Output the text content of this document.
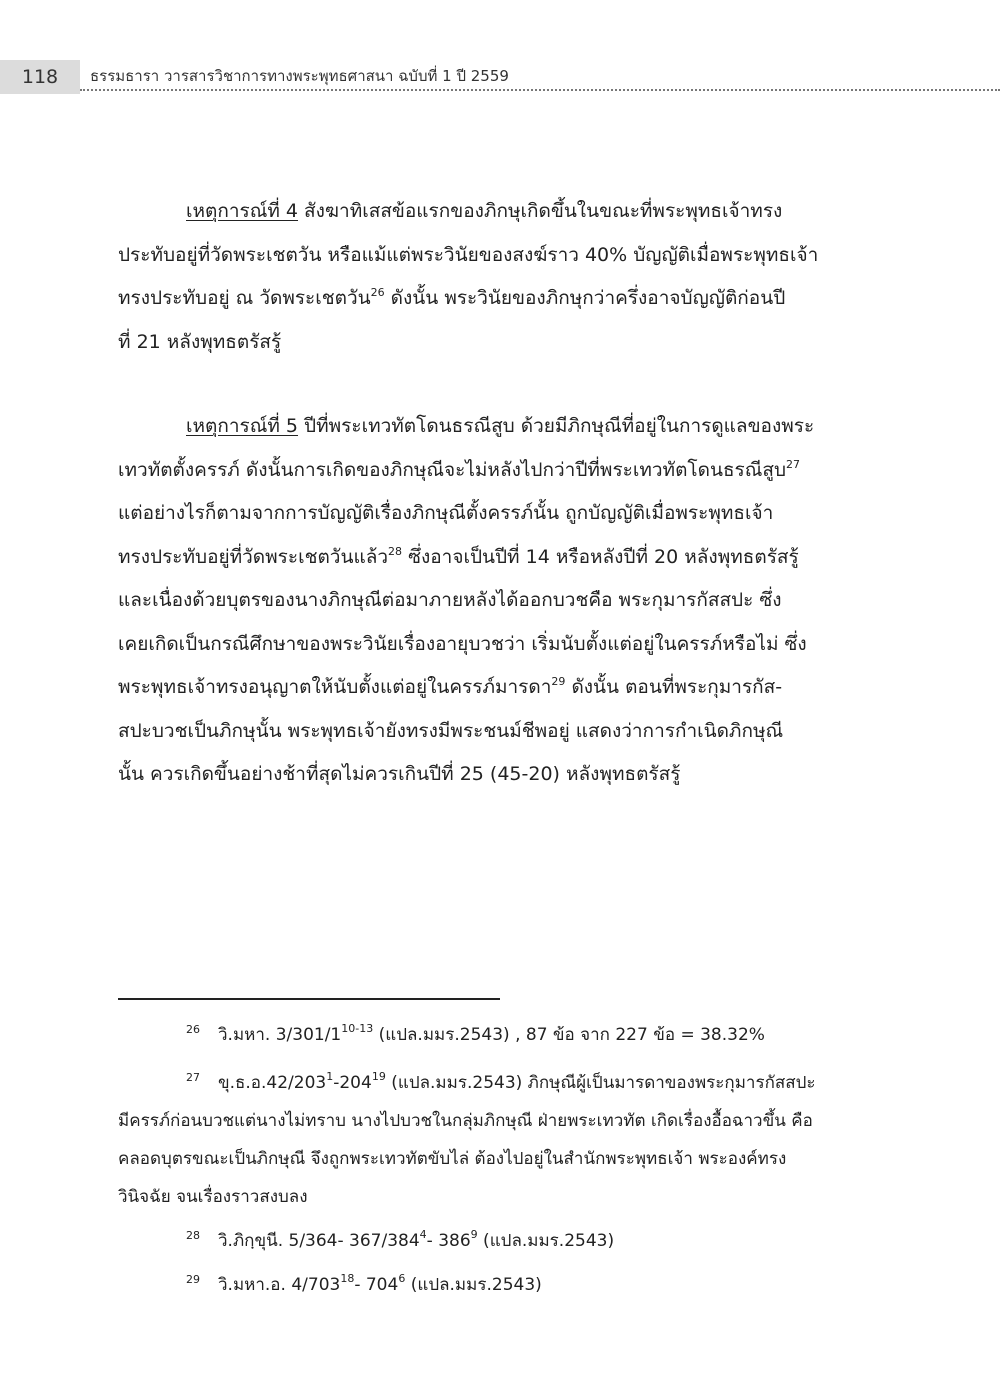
118 ธรรมธารา วารสารวิชาการทางพระพุทธศาสนา ฉบับที่ 1 ปี 2559
เหตุการณ์ที่ 4 สังฆาทิเสสข้อแรกของภิกษุเกิดขึ้นในขณะที่พระพุทธเจ้าทรง
ประทับอยู่ที่วัดพระเชตวัน หรือแม้แต่พระวินัยของสงฆ์ราว 40% บัญญัติเมื่อพระพุทธเจ้า
ทรงประทับอยู่ ณ วัดพระเชตวัน$^{26}$ ดังนั้น พระวินัยของภิกษุกว่าครึ่งอาจบัญญัติก่อนปี
ที่ 21 หลังพุทธตรัสรู้
เหตุการณ์ที่ 5 ปีที่พระเทวทัตโดนธรณีสูบ ด้วยมีภิกษุณีที่อยู่ในการดูแลของพระ
เทวทัตตั้งครรภ์ ดังนั้นการเกิดของภิกษุณีจะไม่หลังไปกว่าปีที่พระเทวทัตโดนธรณีสูบ$^{27}$
แต่อย่างไรก็ตามจากการบัญญัติเรื่องภิกษุณีตั้งครรภ์นั้น ถูกบัญญัติเมื่อพระพุทธเจ้า
ทรงประทับอยู่ที่วัดพระเชตวันแล้ว$^{28}$ ซึ่งอาจเป็นปีที่ 14 หรือหลังปีที่ 20 หลังพุทธตรัสรู้
และเนื่องด้วยบุตรของนางภิกษุณีต่อมาภายหลังได้ออกบวชคือ พระกุมารกัสสปะ ซึ่ง
เคยเกิดเป็นกรณีศึกษาของพระวินัยเรื่องอายุบวชว่า เริ่มนับตั้งแต่อยู่ในครรภ์หรือไม่ ซึ่ง
พระพุทธเจ้าทรงอนุญาตให้นับตั้งแต่อยู่ในครรภ์มารดา$^{29}$ ดังนั้น ตอนที่พระกุมารกัส-
สปะบวชเป็นภิกษุนั้น พระพุทธเจ้ายังทรงมีพระชนม์ชีพอยู่ แสดงว่าการกำเนิดภิกษุณี
นั้น ควรเกิดขึ้นอย่างช้าที่สุดไม่ควรเกินปีที่ 25 (45-20) หลังพุทธตรัสรู้
26 วิ.มหา. 3/301/1$^{10-13}$ (แปล.มมร.2543) , 87 ข้อ จาก 227 ข้อ = 38.32%
27 ขุ.ธ.อ$.42/203^1-204^{19}$ (แปล.มมร.2543) ภิกษุณีผู้เป็นมารดาของพระกุมารกัสสปะ
มีครรภ์ก่อนบวชแต่นางไม่ทราบ นางไปบวชในกลุ่มภิกษุณี ฝ่ายพระเทวทัต เกิดเรื่องอื้อฉาวขึ้น คือ
คลอดบุตรขณะเป็นภิกษุณี จึงถูกพระเทวทัตขับไล่ ต้องไปอยู่ในสำนักพระพุทธเจ้า พระองค์ทรง
วินิจฉัย จนเรื่องราวสงบลง
28 วิ.ภิกฺขุนี. 5/364- $367/384^4-$ $386^9$ (แปล.มมร.2543)
29 วิ.มหา.อ. $4/703^{18}-$ $704^6$ (แปล.มมร.2543)
